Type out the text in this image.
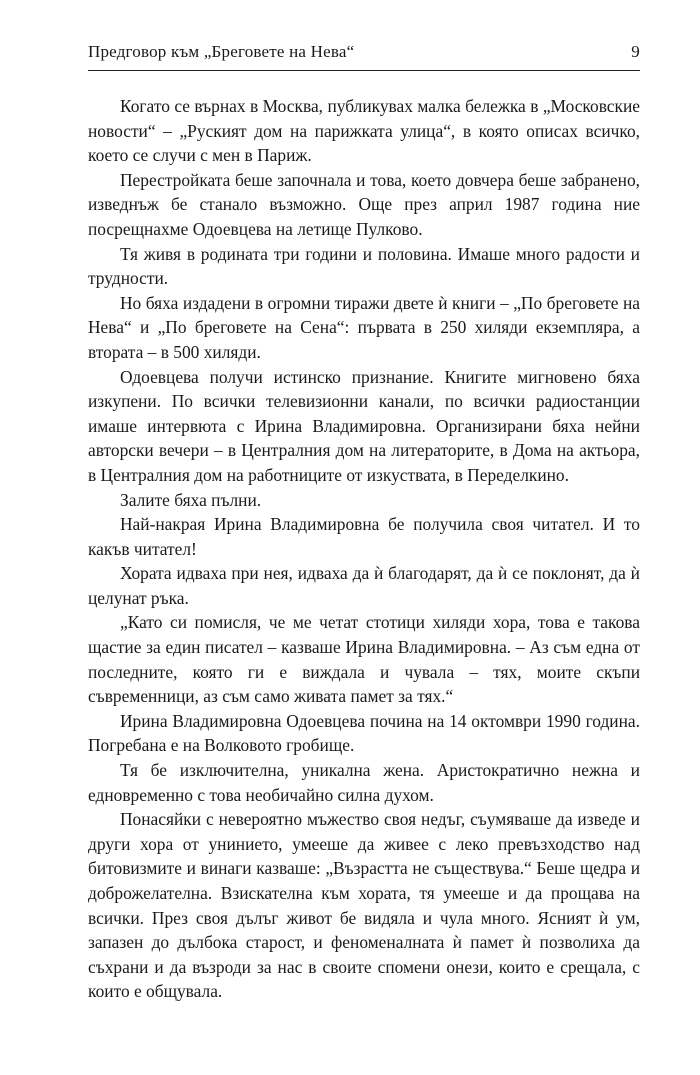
Предговор към „Бреговете на Нева“	9

Когато се върнах в Москва, публикувах малка бележка в „Московские новости“ – „Руският дом на парижката улица“, в която описах всичко, което се случи с мен в Париж.

Перестройката беше започнала и това, което довчера беше забранено, изведнъж бе станало възможно. Още през април 1987 година ние посрещнахме Одоевцева на летище Пулково.

Тя живя в родината три години и половина. Имаше много радости и трудности.

Но бяха издадени в огромни тиражи двете ѝ книги – „По бреговете на Нева“ и „По бреговете на Сена“: първата в 250 хиляди екземпляра, а втората – в 500 хиляди.

Одоевцева получи истинско признание. Книгите мигновено бяха изкупени. По всички телевизионни канали, по всички радиостанции имаше интервюта с Ирина Владимировна. Организирани бяха нейни авторски вечери – в Централния дом на литераторите, в Дома на актьора, в Централния дом на работниците от изкуствата, в Переделкино.

Залите бяха пълни.

Най-накрая Ирина Владимировна бе получила своя читател. И то какъв читател!

Хората идваха при нея, идваха да ѝ благодарят, да ѝ се поклонят, да ѝ целунат ръка.

„Като си помисля, че ме четат стотици хиляди хора, това е такова щастие за един писател – казваше Ирина Владимировна. – Аз съм една от последните, която ги е виждала и чувала – тях, моите скъпи съвременници, аз съм само живата памет за тях.“

Ирина Владимировна Одоевцева почина на 14 октомври 1990 година. Погребана е на Волковото гробище.

Тя бе изключителна, уникална жена. Аристократично нежна и едновременно с това необичайно силна духом.

Понасяйки с невероятно мъжество своя недъг, съумяваше да изведе и други хора от унинието, умееше да живее с леко превъзходство над битовизмите и винаги казваше: „Възрастта не съществува.“ Беше щедра и доброжелателна. Взискателна към хората, тя умееше и да прощава на всички. През своя дълъг живот бе видяла и чула много. Ясният ѝ ум, запазен до дълбока старост, и феноменалната ѝ памет ѝ позволиха да съхрани и да възроди за нас в своите спомени онези, които е срещала, с които е общувала.
